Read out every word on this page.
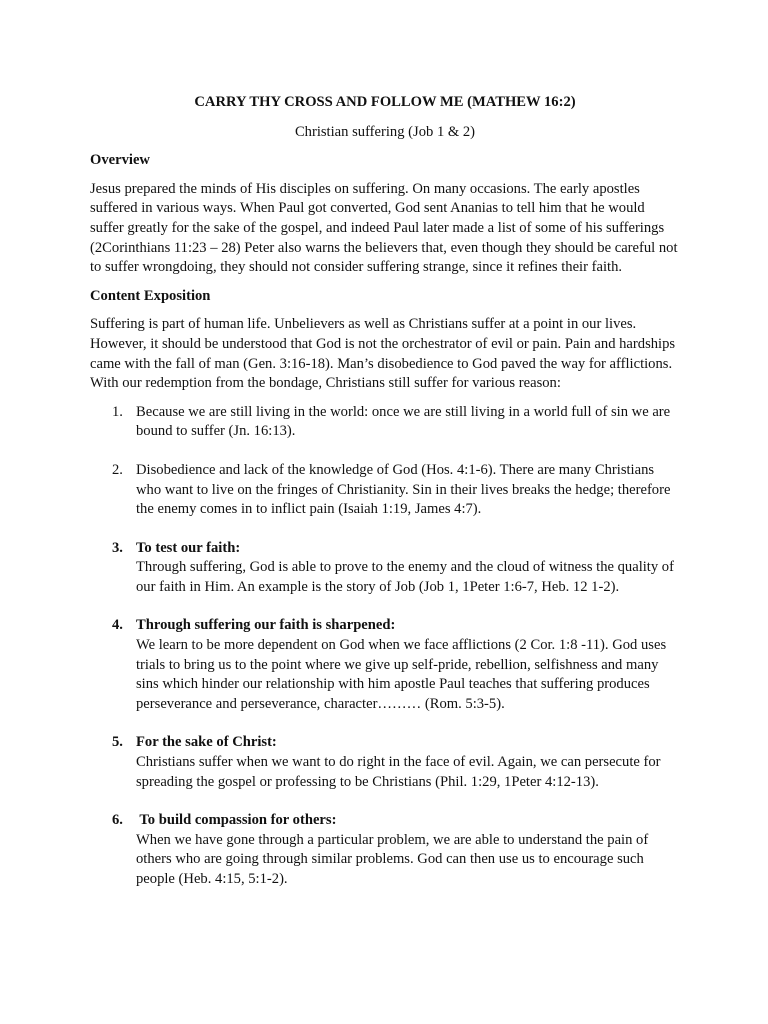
CARRY THY CROSS AND FOLLOW ME (MATHEW 16:2)
Christian suffering (Job 1 & 2)
Overview
Jesus prepared the minds of His disciples on suffering. On many occasions. The early apostles suffered in various ways. When Paul got converted, God sent Ananias to tell him that he would suffer greatly for the sake of the gospel, and indeed Paul later made a list of some of his sufferings (2Corinthians 11:23 – 28) Peter also warns the believers that, even though they should be careful not to suffer wrongdoing, they should not consider suffering strange, since it refines their faith.
Content Exposition
Suffering is part of human life. Unbelievers as well as Christians suffer at a point in our lives. However, it should be understood that God is not the orchestrator of evil or pain. Pain and hardships came with the fall of man (Gen. 3:16-18). Man’s disobedience to God paved the way for afflictions. With our redemption from the bondage, Christians still suffer for various reason:
1. Because we are still living in the world: once we are still living in a world full of sin we are bound to suffer (Jn. 16:13).
2. Disobedience and lack of the knowledge of God (Hos. 4:1-6). There are many Christians who want to live on the fringes of Christianity. Sin in their lives breaks the hedge; therefore the enemy comes in to inflict pain (Isaiah 1:19, James 4:7).
3. To test our faith:
Through suffering, God is able to prove to the enemy and the cloud of witness the quality of our faith in Him. An example is the story of Job (Job 1, 1Peter 1:6-7, Heb. 12 1-2).
4. Through suffering our faith is sharpened:
We learn to be more dependent on God when we face afflictions (2 Cor. 1:8 -11). God uses trials to bring us to the point where we give up self-pride, rebellion, selfishness and many sins which hinder our relationship with him apostle Paul teaches that suffering produces perseverance and perseverance, character……… (Rom. 5:3-5).
5. For the sake of Christ:
Christians suffer when we want to do right in the face of evil. Again, we can persecute for spreading the gospel or professing to be Christians (Phil. 1:29, 1Peter 4:12-13).
6. To build compassion for others:
When we have gone through a particular problem, we are able to understand the pain of others who are going through similar problems. God can then use us to encourage such people (Heb. 4:15, 5:1-2).
